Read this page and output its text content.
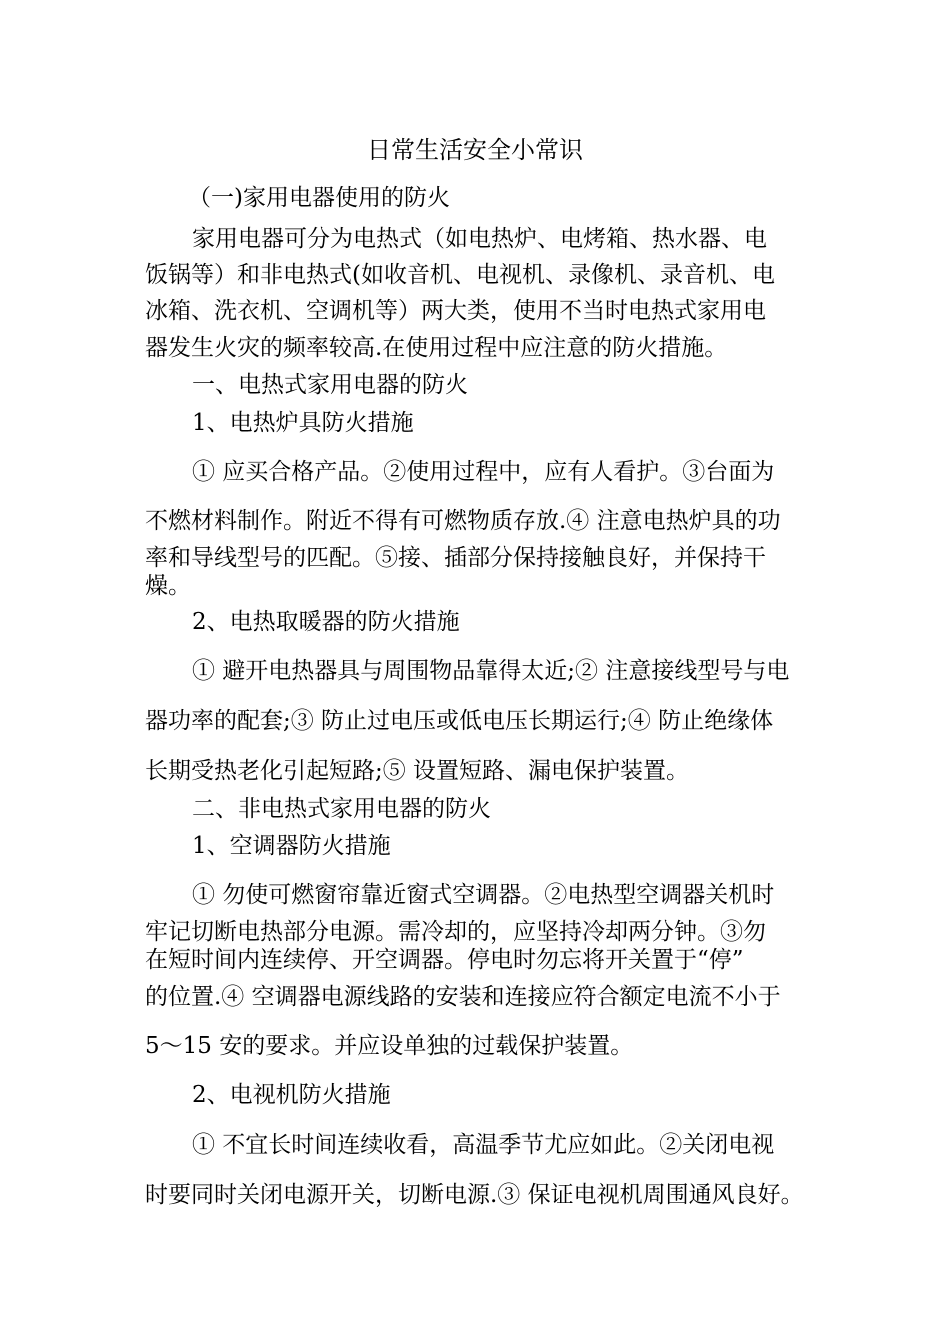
日常生活安全小常识
（一)家用电器使用的防火
家用电器可分为电热式（如电热炉、电烤箱、热水器、电
饭锅等）和非电热式(如收音机、电视机、录像机、录音机、电
冰箱、洗衣机、空调机等）两大类，使用不当时电热式家用电
器发生火灾的频率较高.在使用过程中应注意的防火措施。
一、电热式家用电器的防火
1、电热炉具防火措施
① 应买合格产品。②使用过程中，应有人看护。③台面为
不燃材料制作。附近不得有可燃物质存放.④ 注意电热炉具的功
率和导线型号的匹配。⑤接、插部分保持接触良好，并保持干
燥。
2、电热取暖器的防火措施
① 避开电热器具与周围物品靠得太近;② 注意接线型号与电
器功率的配套;③ 防止过电压或低电压长期运行;④ 防止绝缘体
长期受热老化引起短路;⑤ 设置短路、漏电保护装置。
二、非电热式家用电器的防火
1、空调器防火措施
① 勿使可燃窗帘靠近窗式空调器。②电热型空调器关机时
牢记切断电热部分电源。需冷却的，应坚持冷却两分钟。③勿
在短时间内连续停、开空调器。停电时勿忘将开关置于“停”
的位置.④ 空调器电源线路的安装和连接应符合额定电流不小于
5～15 安的要求。并应设单独的过载保护装置。
2、电视机防火措施
① 不宜长时间连续收看，高温季节尤应如此。②关闭电视
时要同时关闭电源开关，切断电源.③ 保证电视机周围通风良好。
